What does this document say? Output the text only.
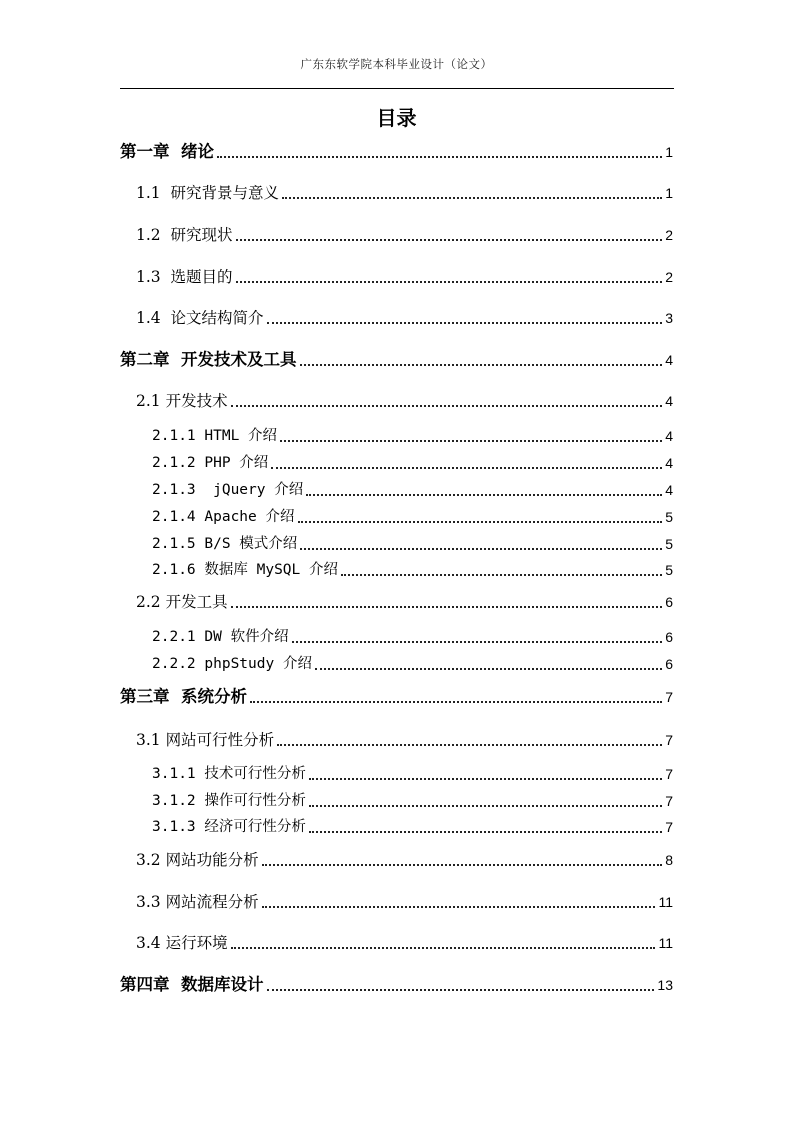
广东东软学院本科毕业设计（论文）
目录
第一章  绪论	1
1.1  研究背景与意义	1
1.2  研究现状	2
1.3  选题目的	2
1.4  论文结构简介	3
第二章  开发技术及工具	4
2.1 开发技术	4
2.1.1 HTML 介绍	4
2.1.2 PHP 介绍	4
2.1.3  jQuery 介绍	4
2.1.4 Apache 介绍	5
2.1.5 B/S 模式介绍	5
2.1.6 数据库 MySQL 介绍	5
2.2 开发工具	6
2.2.1 DW 软件介绍	6
2.2.2 phpStudy 介绍	6
第三章  系统分析	7
3.1 网站可行性分析	7
3.1.1 技术可行性分析	7
3.1.2 操作可行性分析	7
3.1.3 经济可行性分析	7
3.2 网站功能分析	8
3.3 网站流程分析	11
3.4 运行环境	11
第四章  数据库设计	13
